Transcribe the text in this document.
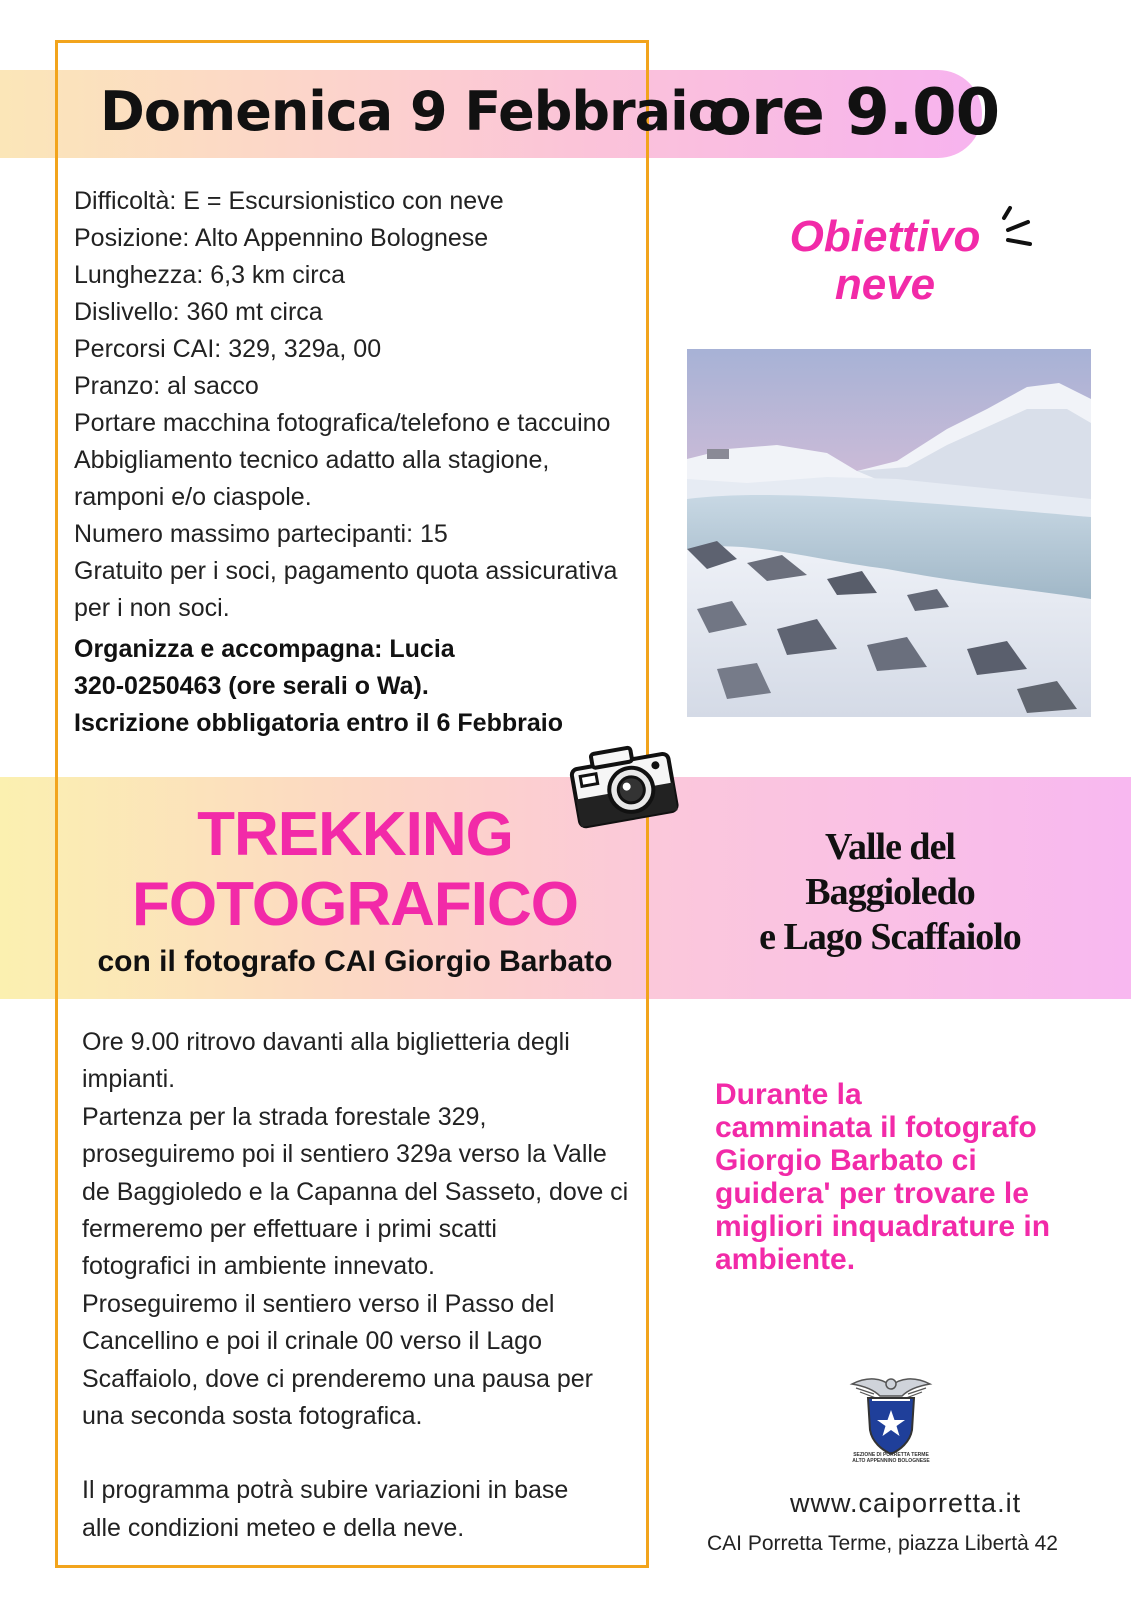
Domenica 9 Febbraio
ore 9.00
Difficoltà: E = Escursionistico con neve
Posizione: Alto Appennino Bolognese
Lunghezza: 6,3 km circa
Dislivello: 360 mt circa
Percorsi CAI: 329, 329a, 00
Pranzo: al sacco
Portare macchina fotografica/telefono e taccuino
Abbigliamento tecnico adatto alla stagione,
ramponi e/o ciaspole.
Numero massimo partecipanti: 15
Gratuito per i soci, pagamento quota assicurativa
per i non soci.
Organizza e accompagna: Lucia
320-0250463 (ore serali o Wa).
Iscrizione obbligatoria entro il 6 Febbraio
Obiettivo
neve
TREKKING
FOTOGRAFICO
con il fotografo CAI Giorgio Barbato
Valle del
Baggioledo
e Lago Scaffaiolo
Ore 9.00 ritrovo davanti alla biglietteria degli
impianti.
Partenza per la strada forestale 329,
proseguiremo poi il sentiero 329a verso la Valle
de Baggioledo e la Capanna del Sasseto, dove ci
fermeremo per effettuare i primi scatti
fotografici in ambiente innevato.
Proseguiremo il sentiero verso il Passo del
Cancellino e poi il crinale 00 verso il Lago
Scaffaiolo, dove ci prenderemo una pausa per
una seconda sosta fotografica.
Il programma potrà subire variazioni in base
alle condizioni meteo e della neve.
Durante la
camminata il fotografo
Giorgio Barbato ci
guidera' per trovare le
migliori inquadrature in
ambiente.
SEZIONE DI PORRETTA TERME
ALTO APPENNINO BOLOGNESE
www.caiporretta.it
CAI Porretta Terme, piazza Libertà 42
